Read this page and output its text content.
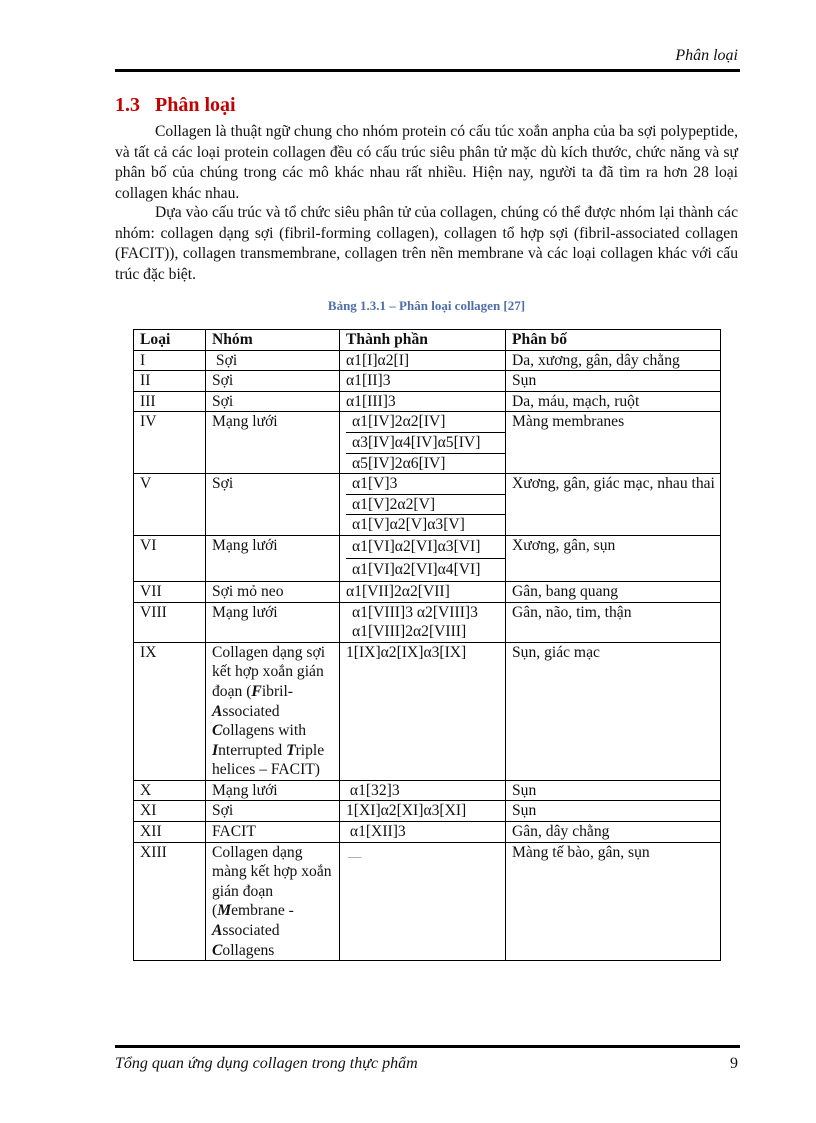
Phân loại
1.3 Phân loại

Collagen là thuật ngữ chung cho nhóm protein có cấu túc xoắn anpha của ba sợi polypeptide, và tất cả các loại protein collagen đều có cấu trúc siêu phân tử mặc dù kích thước, chức năng và sự phân bố của chúng trong các mô khác nhau rất nhiều. Hiện nay, người ta đã tìm ra hơn 28 loại collagen khác nhau.

Dựa vào cấu trúc và tổ chức siêu phân tử của collagen, chúng có thể được nhóm lại thành các nhóm: collagen dạng sợi (fibril-forming collagen), collagen tổ hợp sợi (fibril-associated collagen (FACIT)), collagen transmembrane, collagen trên nền membrane và các loại collagen khác với cấu trúc đặc biệt.

Bảng 1.3.1 – Phân loại collagen [27]
Loại	Nhóm	Thành phần	Phân bố
I	Sợi	α1[I]α2[I]	Da, xương, gân, dây chằng
II	Sợi	α1[II]3	Sụn
III	Sợi	α1[III]3	Da, máu, mạch, ruột
IV	Mạng lưới	α1[IV]2α2[IV]
α3[IV]α4[IV]α5[IV]
α5[IV]2α6[IV]	Màng membranes
V	Sợi	α1[V]3
α1[V]2α2[V]
α1[V]α2[V]α3[V]	Xương, gân, giác mạc, nhau thai
VI	Mạng lưới	α1[VI]α2[VI]α3[VI]
α1[VI]α2[VI]α4[VI]	Xương, gân, sụn
VII	Sợi mỏ neo	α1[VII]2α2[VII]	Gân, bang quang
VIII	Mạng lưới	α1[VIII]3 α2[VIII]3
α1[VIII]2α2[VIII]	Gân, não, tim, thận
IX	Collagen dạng sợi kết hợp xoắn gián đoạn (Fibril-Associated Collagens with Interrupted Triple helices – FACIT)	1[IX]α2[IX]α3[IX]	Sụn, giác mạc
X	Mạng lưới	α1[32]3	Sụn
XI	Sợi	1[XI]α2[XI]α3[XI]	Sụn
XII	FACIT	α1[XII]3	Gân, dây chằng
XIII	Collagen dạng màng kết hợp xoắn gián đoạn (Membrane - Associated Collagens	___	Màng tế bào, gân, sụn
Tổng quan ứng dụng collagen trong thực phẩm	9
